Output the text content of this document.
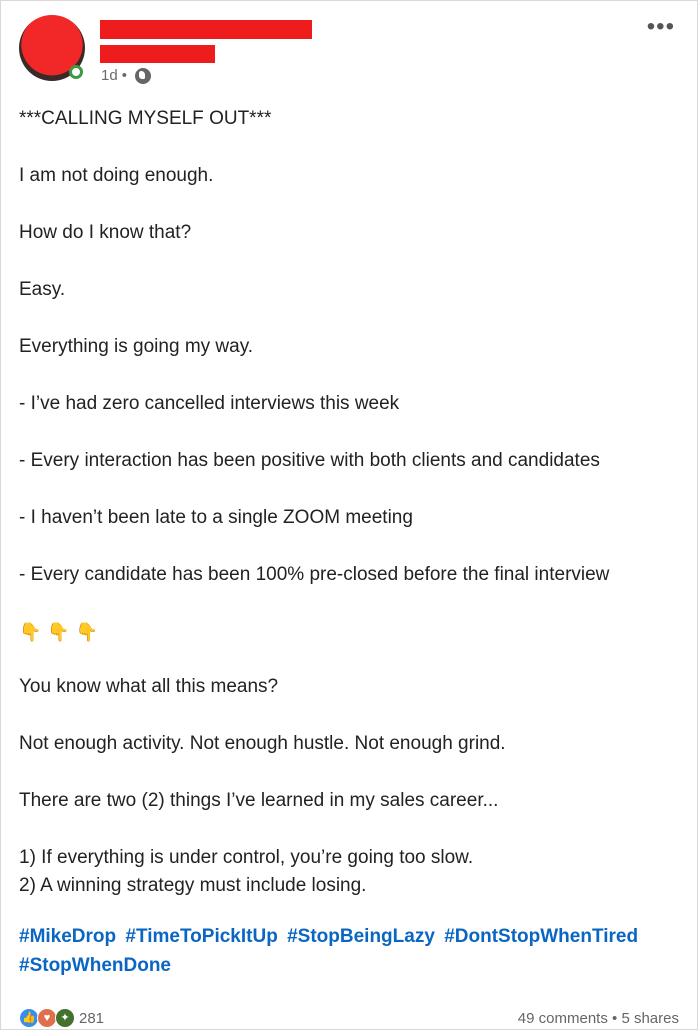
1d •
•••

***CALLING MYSELF OUT***

I am not doing enough.

How do I know that?

Easy.

Everything is going my way.

- I’ve had zero cancelled interviews this week

- Every interaction has been positive with both clients and candidates

- I haven’t been late to a single ZOOM meeting

- Every candidate has been 100% pre-closed before the final interview

👇 👇 👇

You know what all this means?

Not enough activity. Not enough hustle. Not enough grind.

There are two (2) things I’ve learned in my sales career...

1) If everything is under control, you’re going too slow.

2) A winning strategy must include losing.

#MikeDrop #TimeToPickItUp #StopBeingLazy #DontStopWhenTired
#StopWhenDone
👍 ♥ ✦ 281	49 comments • 5 shares
